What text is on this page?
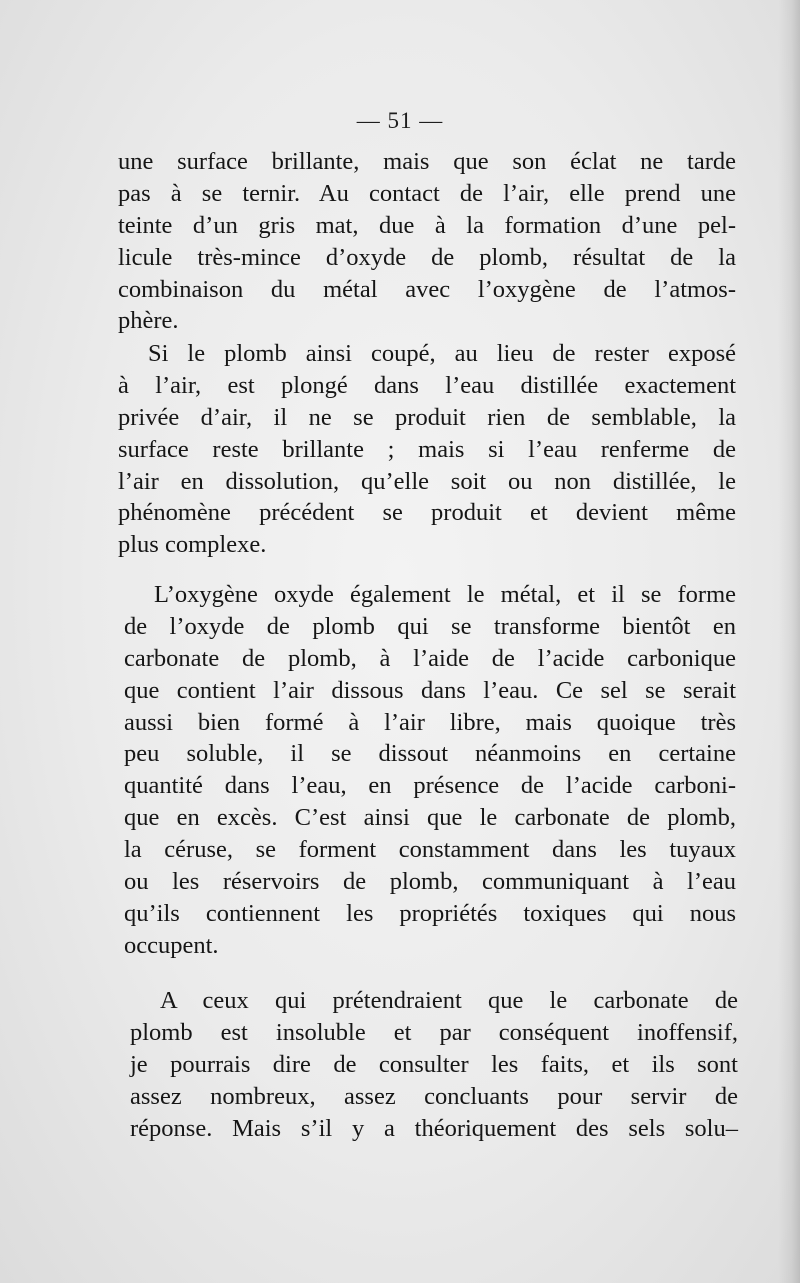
— 51 —
une surface brillante, mais que son éclat ne tarde
pas à se ternir. Au contact de l’air, elle prend une
teinte d’un gris mat, due à la formation d’une pel-
licule très-mince d’oxyde de plomb, résultat de la
combinaison du métal avec l’oxygène de l’atmos-
phère.
Si le plomb ainsi coupé, au lieu de rester exposé
à l’air, est plongé dans l’eau distillée exactement
privée d’air, il ne se produit rien de semblable, la
surface reste brillante ; mais si l’eau renferme de
l’air en dissolution, qu’elle soit ou non distillée, le
phénomène précédent se produit et devient même
plus complexe.
L’oxygène oxyde également le métal, et il se forme
de l’oxyde de plomb qui se transforme bientôt en
carbonate de plomb, à l’aide de l’acide carbonique
que contient l’air dissous dans l’eau. Ce sel se serait
aussi bien formé à l’air libre, mais quoique très
peu soluble, il se dissout néanmoins en certaine
quantité dans l’eau, en présence de l’acide carboni-
que en excès. C’est ainsi que le carbonate de plomb,
la céruse, se forment constamment dans les tuyaux
ou les réservoirs de plomb, communiquant à l’eau
qu’ils contiennent les propriétés toxiques qui nous
occupent.
A ceux qui prétendraient que le carbonate de
plomb est insoluble et par conséquent inoffensif,
je pourrais dire de consulter les faits, et ils sont
assez nombreux, assez concluants pour servir de
réponse. Mais s’il y a théoriquement des sels solu–
